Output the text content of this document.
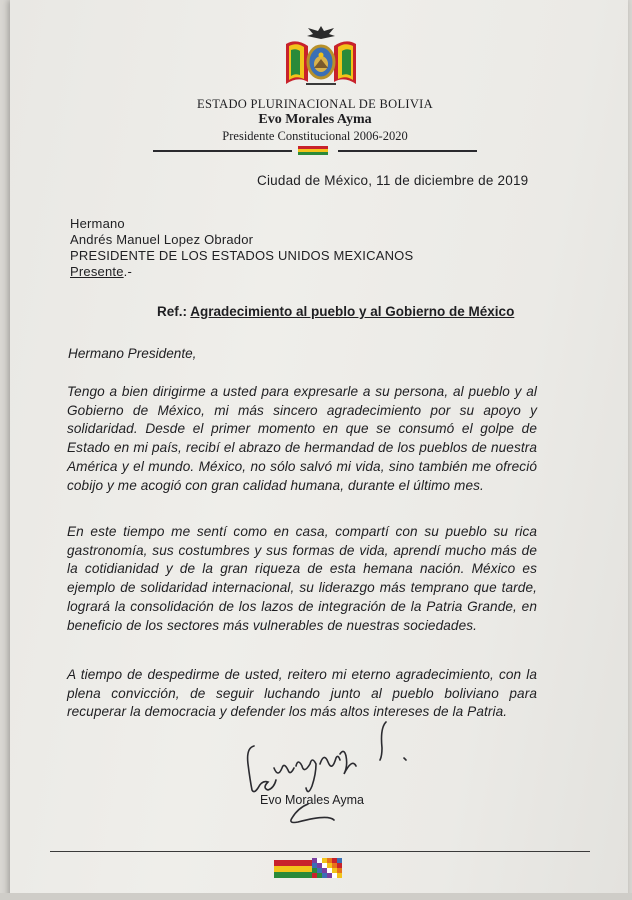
ESTADO PLURINACIONAL DE BOLIVIA
Evo Morales Ayma
Presidente Constitucional 2006-2020
Ciudad de México, 11 de diciembre de 2019
Hermano
Andrés Manuel Lopez Obrador
PRESIDENTE DE LOS ESTADOS UNIDOS MEXICANOS
Presente.-
Ref.: Agradecimiento al pueblo y al Gobierno de México
Hermano Presidente,
Tengo a bien dirigirme a usted para expresarle a su persona, al pueblo y al Gobierno de México, mi más sincero agradecimiento por su apoyo y solidaridad. Desde el primer momento en que se consumó el golpe de Estado en mi país, recibí el abrazo de hermandad de los pueblos de nuestra América y el mundo. México, no sólo salvó mi vida, sino también me ofreció cobijo y me acogió con gran calidad humana, durante el último mes.
En este tiempo me sentí como en casa, compartí con su pueblo su rica gastronomía, sus costumbres y sus formas de vida, aprendí mucho más de la cotidianidad y de la gran riqueza de esta hemana nación. México es ejemplo de solidaridad internacional, su liderazgo más temprano que tarde, logrará la consolidación de los lazos de integración de la Patria Grande, en beneficio de los sectores más vulnerables de nuestras sociedades.
A tiempo de despedirme de usted, reitero mi eterno agradecimiento, con la plena convicción, de seguir luchando junto al pueblo boliviano para recuperar la democracia y defender los más altos intereses de la Patria.
Evo Morales Ayma
